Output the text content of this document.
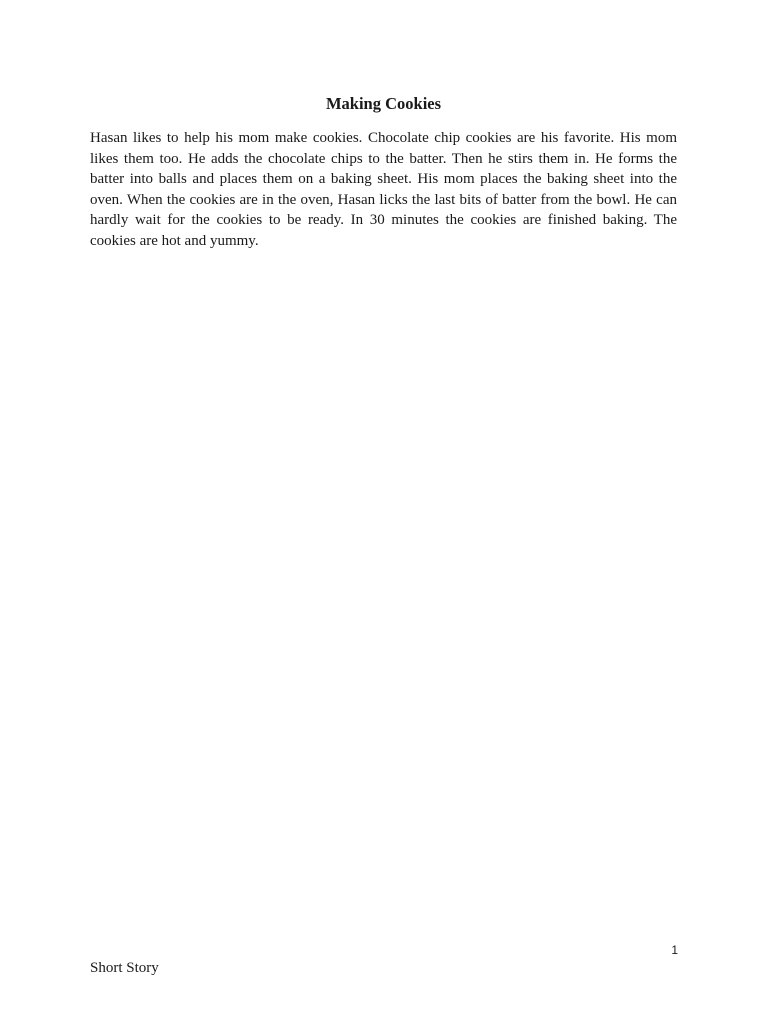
Making Cookies

Hasan likes to help his mom make cookies. Chocolate chip cookies are his favorite. His mom likes them too. He adds the chocolate chips to the batter. Then he stirs them in. He forms the batter into balls and places them on a baking sheet. His mom places the baking sheet into the oven. When the cookies are in the oven, Hasan licks the last bits of batter from the bowl. He can hardly wait for the cookies to be ready. In 30 minutes the cookies are finished baking. The cookies are hot and yummy.

1
Short Story
